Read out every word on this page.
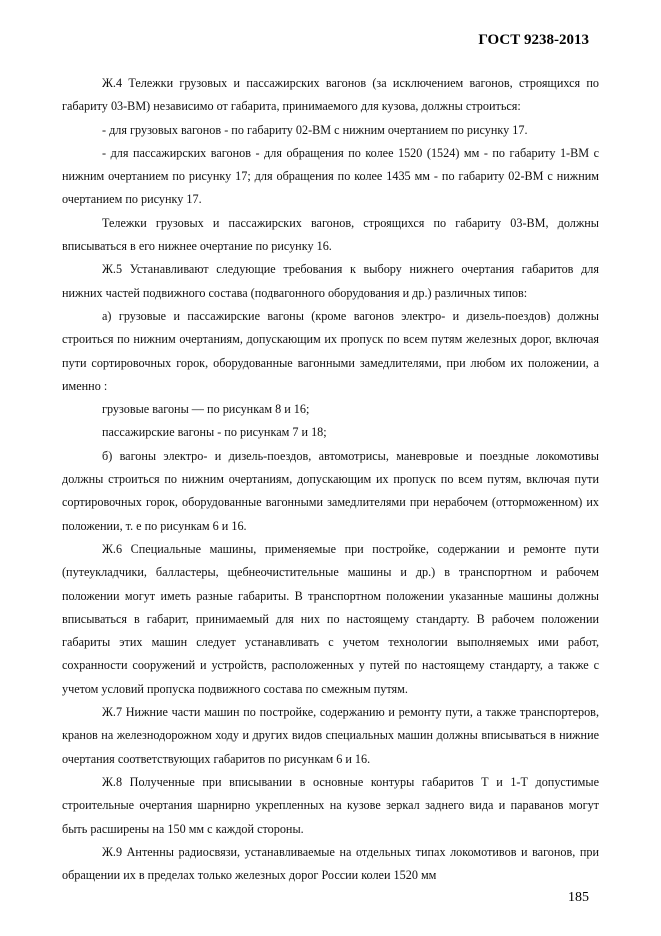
ГОСТ 9238-2013

Ж.4 Тележки грузовых и пассажирских вагонов (за исключением вагонов, строящихся по габариту 03-ВМ) независимо от габарита, принимаемого для кузова, должны строиться:

- для грузовых вагонов - по габариту 02-ВМ с нижним очертанием по рисунку 17.

- для пассажирских вагонов - для обращения по колее 1520 (1524) мм - по габариту 1-ВМ с нижним очертанием по рисунку 17; для обращения по колее 1435 мм - по габариту 02-ВМ с нижним очертанием по рисунку 17.

Тележки грузовых и пассажирских вагонов, строящихся по габариту 03-ВМ, должны вписываться в его нижнее очертание по рисунку 16.

Ж.5 Устанавливают следующие требования к выбору нижнего очертания габаритов для нижних частей подвижного состава (подвагонного оборудования и др.) различных типов:

а) грузовые и пассажирские вагоны (кроме вагонов электро- и дизель-поездов) должны строиться по нижним очертаниям, допускающим их пропуск по всем путям железных дорог, включая пути сортировочных горок, оборудованные вагонными замедлителями, при любом их положении, а именно :

грузовые вагоны — по рисункам 8 и 16;

пассажирские вагоны - по рисункам 7 и 18;

б) вагоны электро- и дизель-поездов, автомотрисы, маневровые и поездные локомотивы должны строиться по нижним очертаниям, допускающим их пропуск по всем путям, включая пути сортировочных горок, оборудованные вагонными замедлителями при нерабочем (отторможенном) их положении, т. е по рисункам 6 и 16.

Ж.6 Специальные машины, применяемые при постройке, содержании и ремонте пути (путеукладчики, балластеры, щебнеочистительные машины и др.) в транспортном и рабочем положении могут иметь разные габариты. В транспортном положении указанные машины должны вписываться в габарит, принимаемый для них по настоящему стандарту. В рабочем положении габариты этих машин следует устанавливать с учетом технологии выполняемых ими работ, сохранности сооружений и устройств, расположенных у путей по настоящему стандарту, а также с учетом условий пропуска подвижного состава по смежным путям.

Ж.7 Нижние части машин по постройке, содержанию и ремонту пути, а также транспортеров, кранов на железнодорожном ходу и других видов специальных машин должны вписываться в нижние очертания соответствующих габаритов по рисункам 6 и 16.

Ж.8 Полученные при вписывании в основные контуры габаритов Т и 1-Т допустимые строительные очертания шарнирно укрепленных на кузове зеркал заднего вида и параванов могут быть расширены на 150 мм с каждой стороны.

Ж.9 Антенны радиосвязи, устанавливаемые на отдельных типах локомотивов и вагонов, при обращении их в пределах только железных дорог России колеи 1520 мм

185
